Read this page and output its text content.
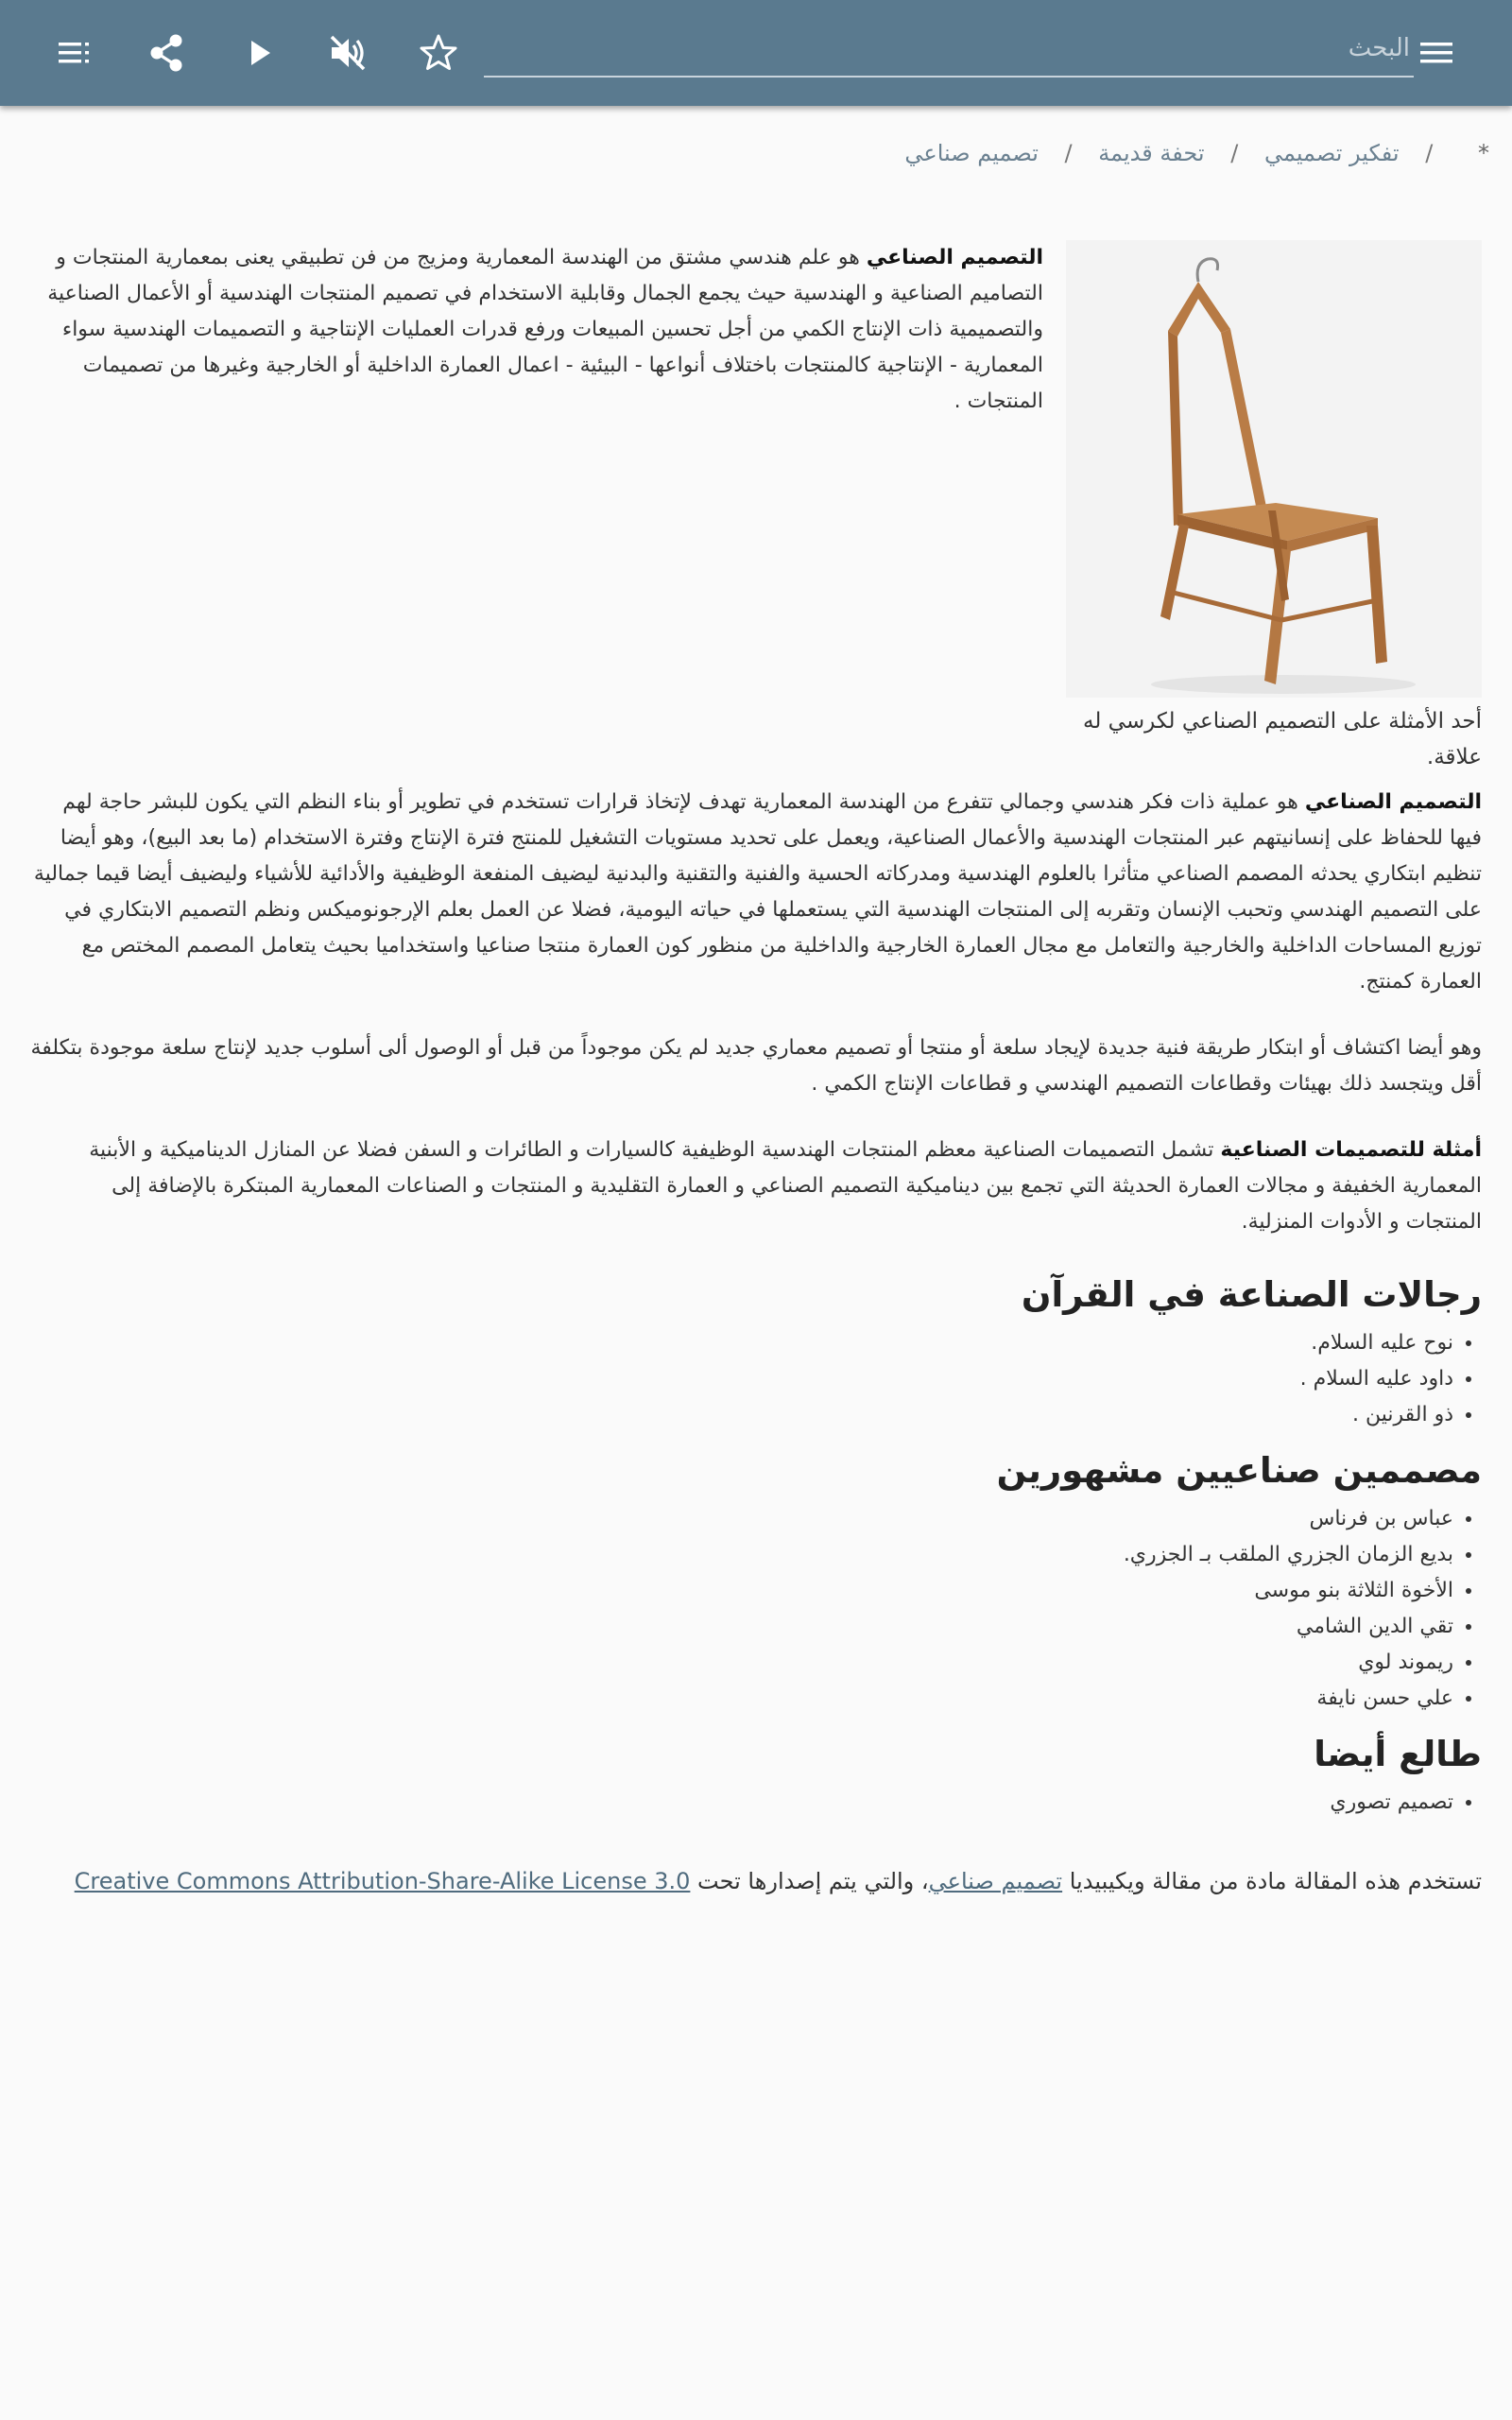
البحث
* / تفكير تصميمي / تحفة قديمة / تصميم صناعي
أحد الأمثلة على التصميم الصناعي لكرسي له علاقة.

التصميم الصناعي هو علم هندسي مشتق من الهندسة المعمارية ومزيج من فن تطبيقي يعنى بمعمارية المنتجات و التصاميم الصناعية و الهندسية حيث يجمع الجمال وقابلية الاستخدام في تصميم المنتجات الهندسية أو الأعمال الصناعية والتصميمية ذات الإنتاج الكمي من أجل تحسين المبيعات ورفع قدرات العمليات الإنتاجية و التصميمات الهندسية سواء المعمارية - الإنتاجية كالمنتجات باختلاف أنواعها - البيئية - اعمال العمارة الداخلية أو الخارجية وغيرها من تصميمات المنتجات .

التصميم الصناعي هو عملية ذات فكر هندسي وجمالي تتفرع من الهندسة المعمارية تهدف لإتخاذ قرارات تستخدم في تطوير أو بناء النظم التي يكون للبشر حاجة لهم فيها للحفاظ على إنسانيتهم عبر المنتجات الهندسية والأعمال الصناعية، ويعمل على تحديد مستويات التشغيل للمنتج فترة الإنتاج وفترة الاستخدام (ما بعد البيع)، وهو أيضا تنظيم ابتكاري يحدثه المصمم الصناعي متأثرا بالعلوم الهندسية ومدركاته الحسية والفنية والتقنية والبدنية ليضيف المنفعة الوظيفية والأدائية للأشياء وليضيف أيضا قيما جمالية على التصميم الهندسي وتحبب الإنسان وتقربه إلى المنتجات الهندسية التي يستعملها في حياته اليومية، فضلا عن العمل بعلم الإرجونوميكس ونظم التصميم الابتكاري في توزيع المساحات الداخلية والخارجية والتعامل مع مجال العمارة الخارجية والداخلية من منظور كون العمارة منتجا صناعيا واستخداميا بحيث يتعامل المصمم المختص مع العمارة كمنتج.

وهو أيضا اكتشاف أو ابتكار طريقة فنية جديدة لإيجاد سلعة أو منتجا أو تصميم معماري جديد لم يكن موجوداً من قبل أو الوصول ألى أسلوب جديد لإنتاج سلعة موجودة بتكلفة أقل ويتجسد ذلك بهيئات وقطاعات التصميم الهندسي و قطاعات الإنتاج الكمي .

أمثلة للتصميمات الصناعية تشمل التصميمات الصناعية معظم المنتجات الهندسية الوظيفية كالسيارات و الطائرات و السفن فضلا عن المنازل الديناميكية و الأبنية المعمارية الخفيفة و مجالات العمارة الحديثة التي تجمع بين ديناميكية التصميم الصناعي و العمارة التقليدية و المنتجات و الصناعات المعمارية المبتكرة بالإضافة إلى المنتجات و الأدوات المنزلية.

رجالات الصناعة في القرآن
• نوح عليه السلام.
• داود عليه السلام .
• ذو القرنين .
مصممين صناعيين مشهورين
• عباس بن فرناس
• بديع الزمان الجزري الملقب بـ الجزري.
• الأخوة الثلاثة بنو موسى
• تقي الدين الشامي
• ريموند لوي
• علي حسن نايفة
طالع أيضا
• تصميم تصوري
تستخدم هذه المقالة مادة من مقالة ويكيبيديا تصميم صناعي، والتي يتم إصدارها تحت Creative Commons Attribution-Share-Alike License 3.0
